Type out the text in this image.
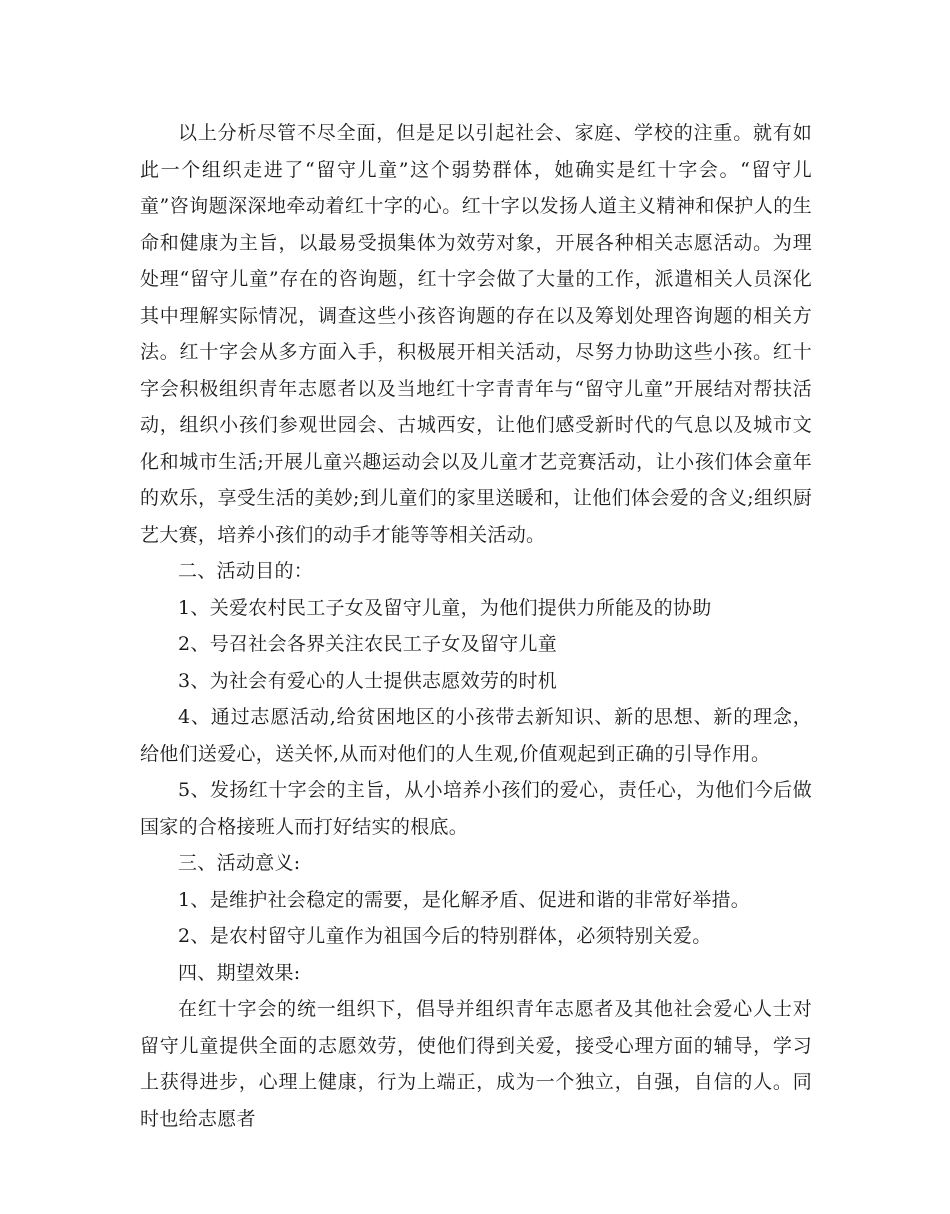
以上分析尽管不尽全面，但是足以引起社会、家庭、学校的注重。就有如此一个组织走进了“留守儿童”这个弱势群体，她确实是红十字会。“留守儿童”咨询题深深地牵动着红十字的心。红十字以发扬人道主义精神和保护人的生命和健康为主旨，以最易受损集体为效劳对象，开展各种相关志愿活动。为理处理“留守儿童”存在的咨询题，红十字会做了大量的工作，派遣相关人员深化其中理解实际情况，调查这些小孩咨询题的存在以及筹划处理咨询题的相关方法。红十字会从多方面入手，积极展开相关活动，尽努力协助这些小孩。红十字会积极组织青年志愿者以及当地红十字青青年与“留守儿童”开展结对帮扶活动，组织小孩们参观世园会、古城西安，让他们感受新时代的气息以及城市文化和城市生活;开展儿童兴趣运动会以及儿童才艺竞赛活动，让小孩们体会童年的欢乐，享受生活的美妙;到儿童们的家里送暖和，让他们体会爱的含义;组织厨艺大赛，培养小孩们的动手才能等等相关活动。

二、活动目的：

1、关爱农村民工子女及留守儿童，为他们提供力所能及的协助

2、号召社会各界关注农民工子女及留守儿童

3、为社会有爱心的人士提供志愿效劳的时机

4、通过志愿活动,给贫困地区的小孩带去新知识、新的思想、新的理念，给他们送爱心，送关怀,从而对他们的人生观,价值观起到正确的引导作用。

5、发扬红十字会的主旨，从小培养小孩们的爱心，责任心，为他们今后做国家的合格接班人而打好结实的根底。

三、活动意义:

1、是维护社会稳定的需要，是化解矛盾、促进和谐的非常好举措。

2、是农村留守儿童作为祖国今后的特别群体，必须特别关爱。

四、期望效果:

在红十字会的统一组织下，倡导并组织青年志愿者及其他社会爱心人士对留守儿童提供全面的志愿效劳，使他们得到关爱，接受心理方面的辅导，学习上获得进步，心理上健康，行为上端正，成为一个独立，自强，自信的人。同时也给志愿者
